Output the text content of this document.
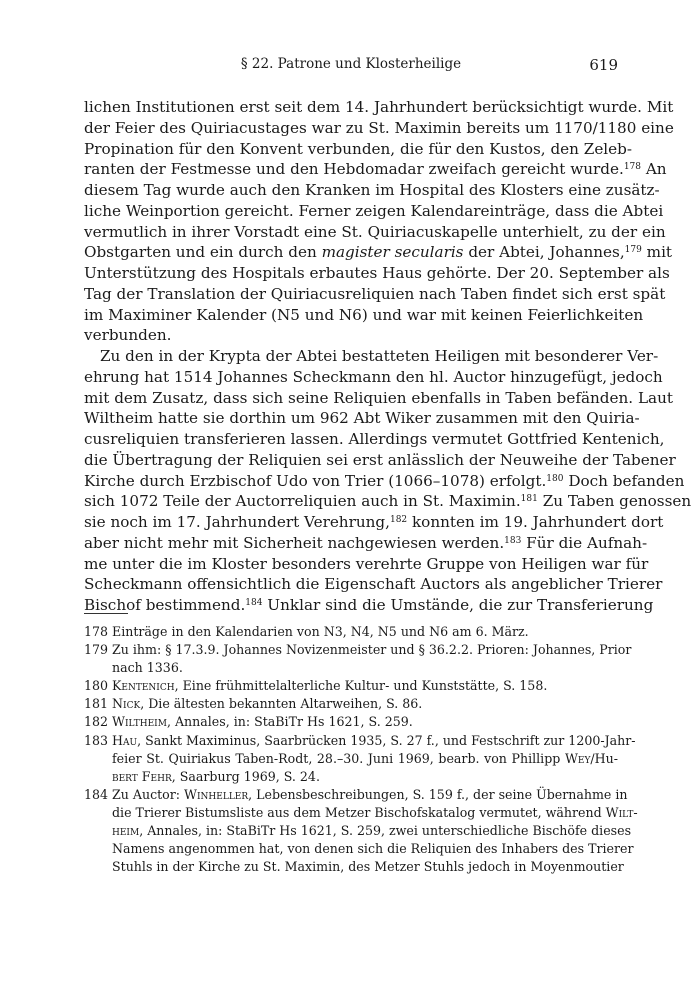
§ 22. Patrone und Klosterheilige	619
lichen Institutionen erst seit dem 14. Jahrhundert berücksichtigt wurde. Mit
der Feier des Quiriacustages war zu St. Maximin bereits um 1170/1180 eine
Propination für den Konvent verbunden, die für den Kustos, den Zeleb-
ranten der Festmesse und den Hebdomadar zweifach gereicht wurde.$^{178}$ An
diesem Tag wurde auch den Kranken im Hospital des Klosters eine zusätz-
liche Weinportion gereicht. Ferner zeigen Kalendareinträge, dass die Abtei
vermutlich in ihrer Vorstadt eine St. Quiriacuskapelle unterhielt, zu der ein
Obstgarten und ein durch den magister secularis der Abtei, Johannes,$^{179}$ mit
Unterstützung des Hospitals erbautes Haus gehörte. Der 20. September als
Tag der Translation der Quiriacusreliquien nach Taben findet sich erst spät
im Maximiner Kalender (N5 und N6) und war mit keinen Feierlichkeiten
verbunden.
Zu den in der Krypta der Abtei bestatteten Heiligen mit besonderer Ver-
ehrung hat 1514 Johannes Scheckmann den hl. Auctor hinzugefügt, jedoch
mit dem Zusatz, dass sich seine Reliquien ebenfalls in Taben befänden. Laut
Wiltheim hatte sie dorthin um 962 Abt Wiker zusammen mit den Quiria-
cusreliquien transferieren lassen. Allerdings vermutet Gottfried Kentenich,
die Übertragung der Reliquien sei erst anlässlich der Neuweihe der Tabener
Kirche durch Erzbischof Udo von Trier (1066–1078) erfolgt.$^{180}$ Doch befanden
sich 1072 Teile der Auctorreliquien auch in St. Maximin.$^{181}$ Zu Taben genossen
sie noch im 17. Jahrhundert Verehrung,$^{182}$ konnten im 19. Jahrhundert dort
aber nicht mehr mit Sicherheit nachgewiesen werden.$^{183}$ Für die Aufnah-
me unter die im Kloster besonders verehrte Gruppe von Heiligen war für
Scheckmann offensichtlich die Eigenschaft Auctors als angeblicher Trierer
Bischof bestimmend.$^{184}$ Unklar sind die Umstände, die zur Transferierung
178 Einträge in den Kalendarien von N3, N4, N5 und N6 am 6. März.
179 Zu ihm: § 17.3.9. Johannes Novizenmeister und § 36.2.2. Prioren: Johannes, Prior
nach 1336.
180 Kentenich, Eine frühmittelalterliche Kultur- und Kunststätte, S. 158.
181 Nick, Die ältesten bekannten Altarweihen, S. 86.
182 Wiltheim, Annales, in: StaBiTr Hs 1621, S. 259.
183 Hau, Sankt Maximinus, Saarbrücken 1935, S. 27 f., und Festschrift zur 1200-Jahr-
feier St. Quiriakus Taben-Rodt, 28.–30. Juni 1969, bearb. von Phillipp Wey/Hu-
bert Fehr, Saarburg 1969, S. 24.
184 Zu Auctor: Winheller, Lebensbeschreibungen, S. 159 f., der seine Übernahme in
die Trierer Bistumsliste aus dem Metzer Bischofskatalog vermutet, während Wilt-
heim, Annales, in: StaBiTr Hs 1621, S. 259, zwei unterschiedliche Bischöfe dieses
Namens angenommen hat, von denen sich die Reliquien des Inhabers des Trierer
Stuhls in der Kirche zu St. Maximin, des Metzer Stuhls jedoch in Moyenmoutier
